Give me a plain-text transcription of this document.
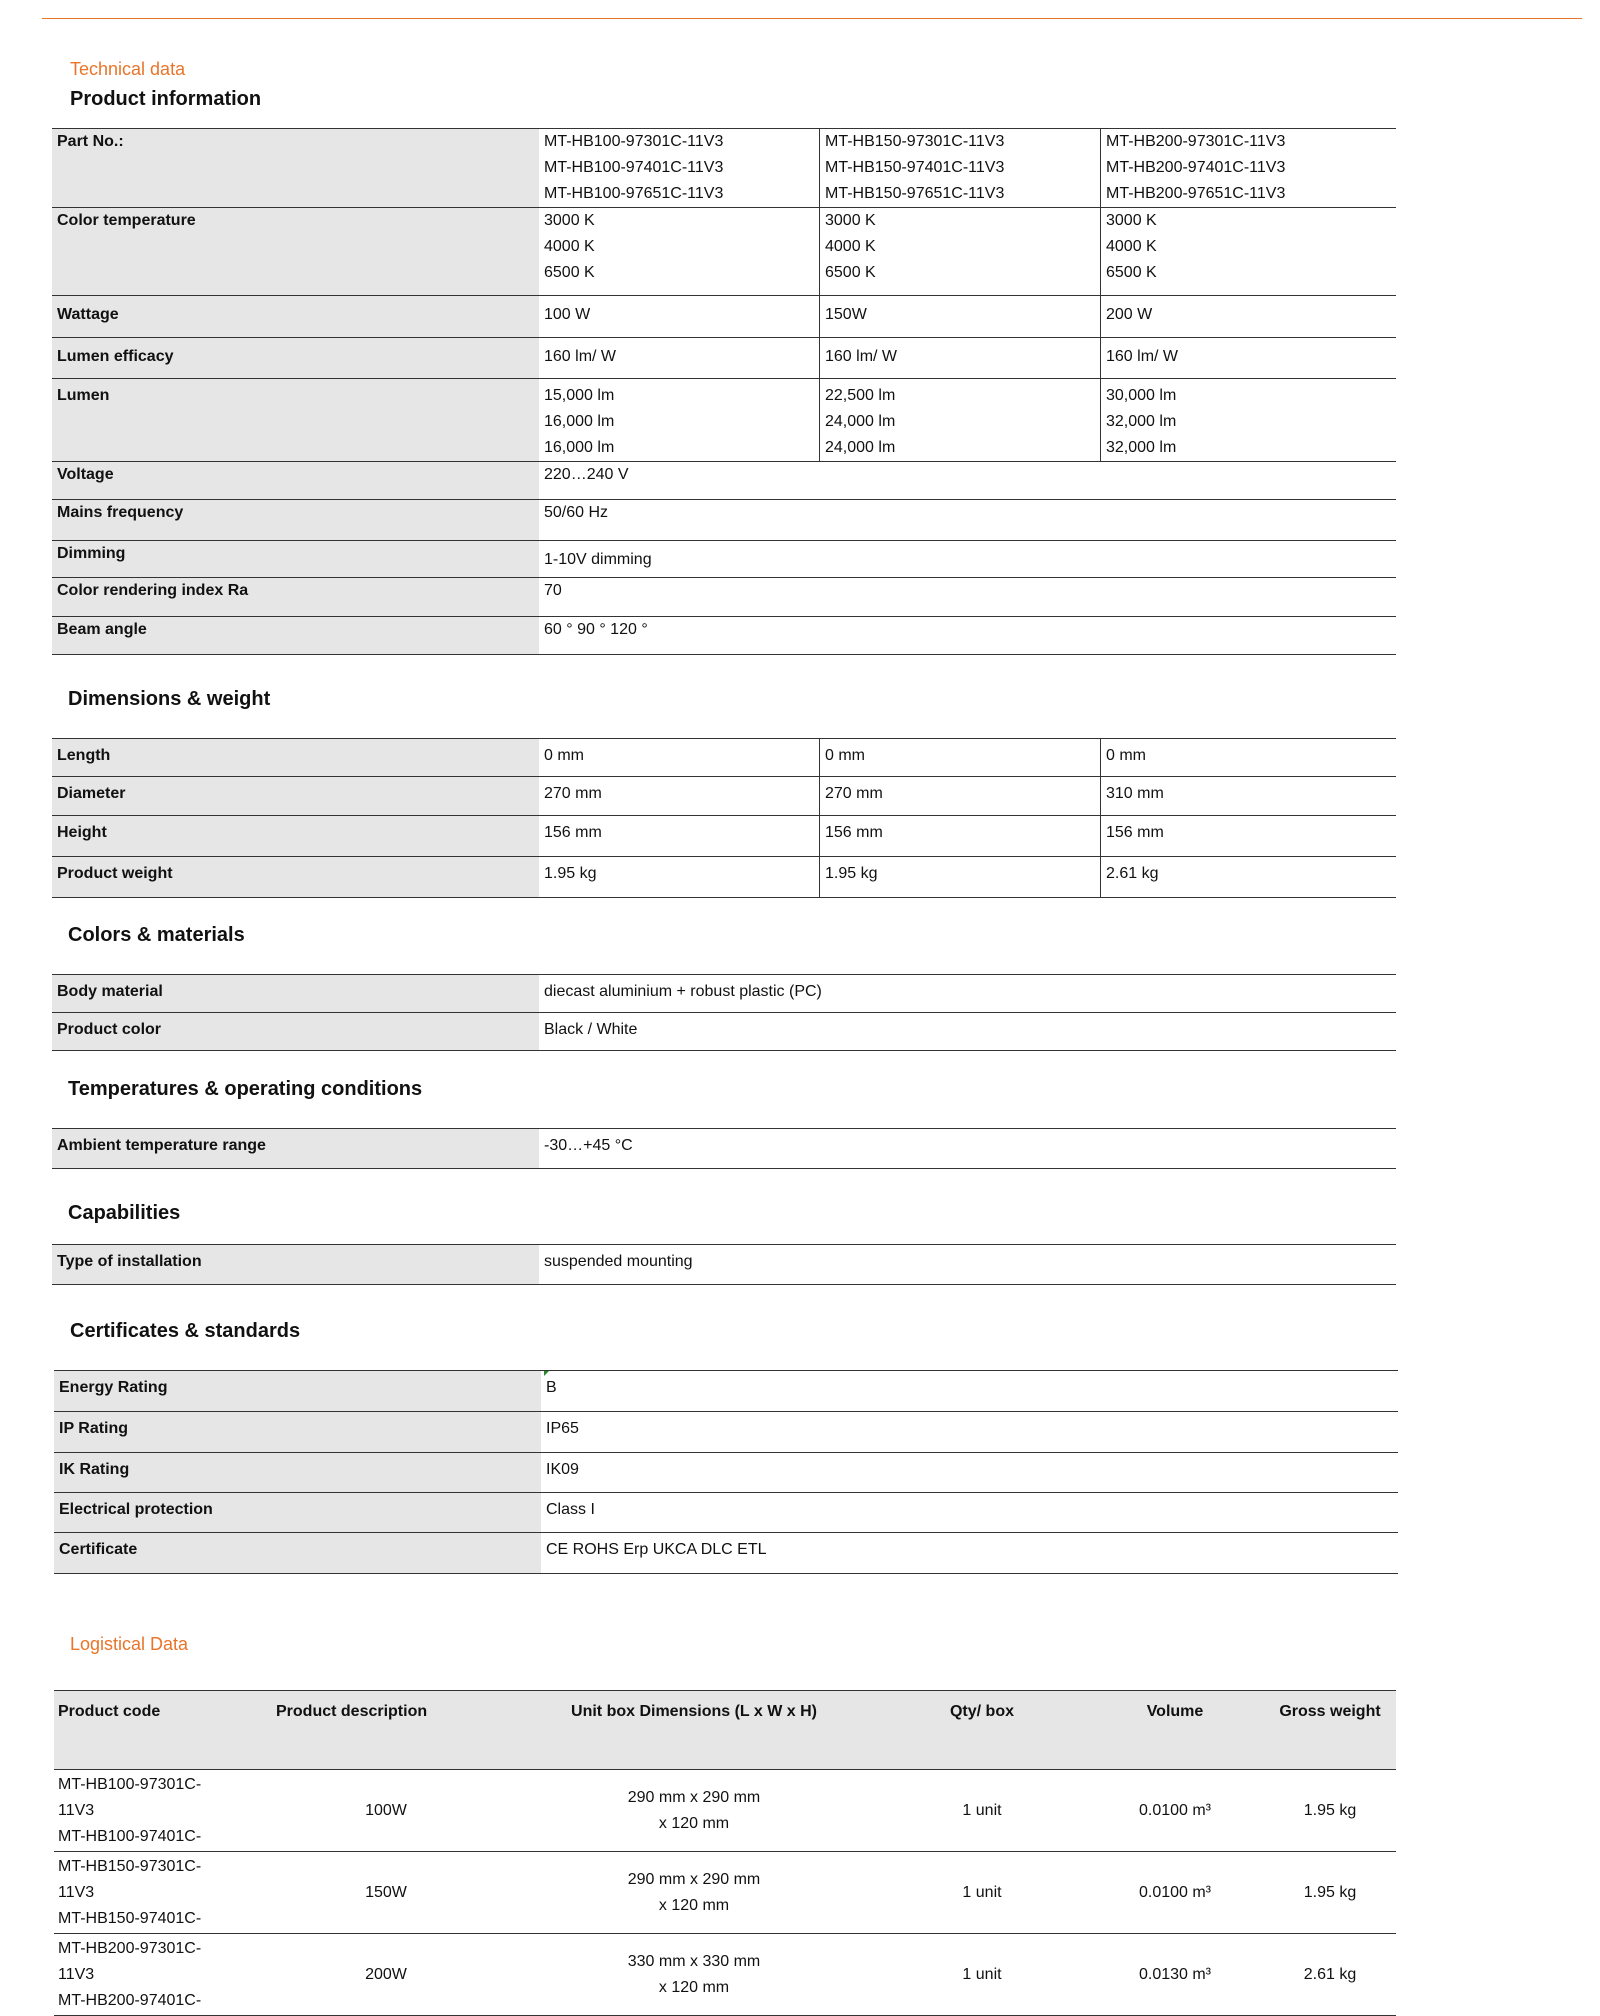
Technical data
Product information
Part No.:	MT-HB100-97301C-11V3
MT-HB100-97401C-11V3
MT-HB100-97651C-11V3	MT-HB150-97301C-11V3
MT-HB150-97401C-11V3
MT-HB150-97651C-11V3	MT-HB200-97301C-11V3
MT-HB200-97401C-11V3
MT-HB200-97651C-11V3

Color temperature	3000 K
4000 K
6500 K	3000 K
4000 K
6500 K	3000 K
4000 K
6500 K

Wattage	100 W	150W	200 W
Lumen efficacy	160 lm/ W	160 lm/ W	160 lm/ W
Lumen	15,000 lm
16,000 lm
16,000 lm	22,500 lm
24,000 lm
24,000 lm	30,000 lm
32,000 lm
32,000 lm

Voltage	220…240 V		
Mains frequency	50/60 Hz		
Dimming	1-10V dimming		
Color rendering index Ra	70		
Beam angle	60 ° 90 ° 120 °		
Dimensions & weight
Length	0 mm	0 mm	0 mm
Diameter	270 mm	270 mm	310 mm
Height	156 mm	156 mm	156 mm
Product weight	1.95 kg	1.95 kg	2.61 kg
Colors & materials
Body material	diecast aluminium + robust plastic (PC)
Product color	Black / White
Temperatures & operating conditions
Ambient temperature range	-30…+45 °C
Capabilities
Type of installation	suspended mounting
Certificates & standards
Energy Rating	B
IP Rating	IP65
IK Rating	IK09
Electrical protection	Class I
Certificate	CE ROHS Erp UKCA DLC ETL
Logistical Data
Product code	Product description	Unit box Dimensions (L x W x H)	Qty/ box	Volume	Gross weight

MT-HB100-97301C-
11V3
MT-HB100-97401C-	100W	290 mm x 290 mm
x 120 mm	1 unit	0.0100 m³	1.95 kg

MT-HB150-97301C-
11V3
MT-HB150-97401C-	150W	290 mm x 290 mm
x 120 mm	1 unit	0.0100 m³	1.95 kg

MT-HB200-97301C-
11V3
MT-HB200-97401C-	200W	330 mm x 330 mm
x 120 mm	1 unit	0.0130 m³	2.61 kg
